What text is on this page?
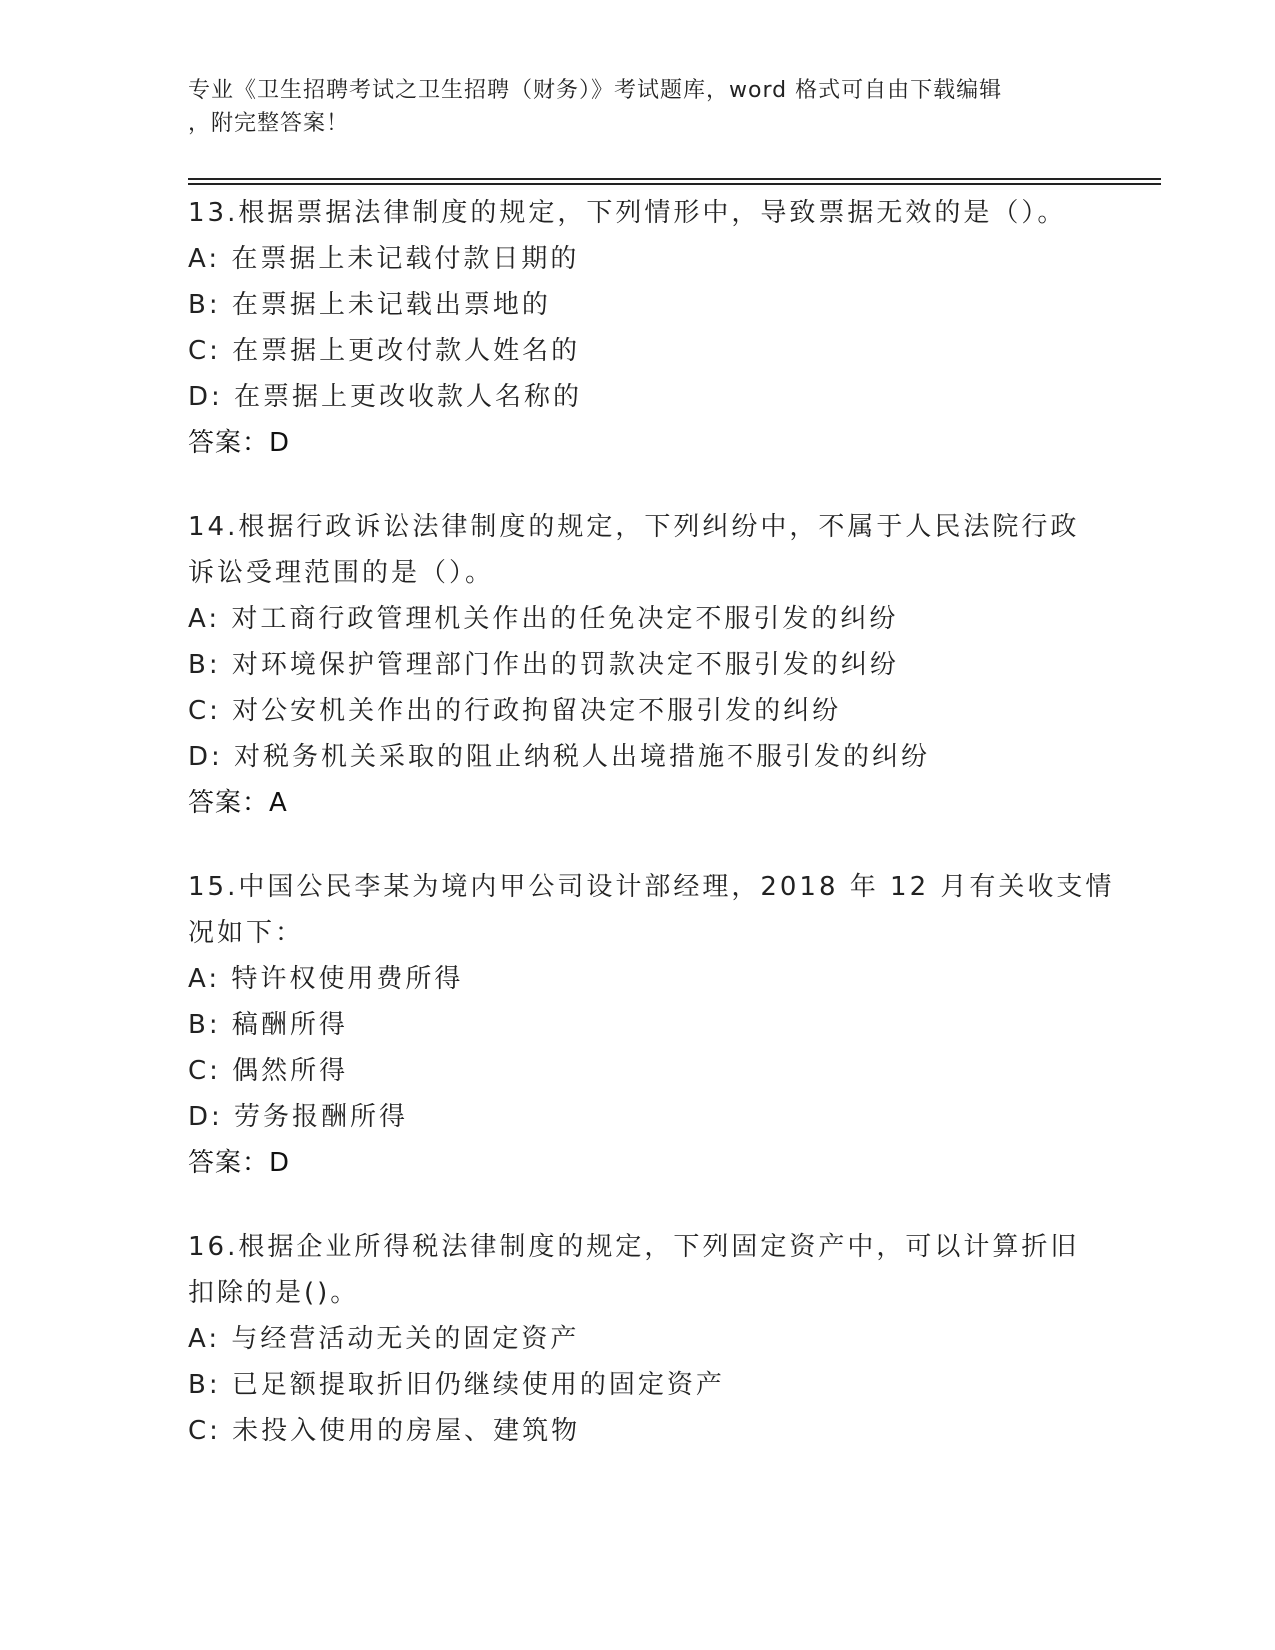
专业《卫生招聘考试之卫生招聘（财务）》考试题库，word 格式可自由下载编辑
，附完整答案！
13.根据票据法律制度的规定，下列情形中，导致票据无效的是（）。
A: 在票据上未记载付款日期的
B: 在票据上未记载出票地的
C: 在票据上更改付款人姓名的
D: 在票据上更改收款人名称的
答案：D
14.根据行政诉讼法律制度的规定，下列纠纷中，不属于人民法院行政
诉讼受理范围的是（）。
A: 对工商行政管理机关作出的任免决定不服引发的纠纷
B: 对环境保护管理部门作出的罚款决定不服引发的纠纷
C: 对公安机关作出的行政拘留决定不服引发的纠纷
D: 对税务机关采取的阻止纳税人出境措施不服引发的纠纷
答案：A
15.中国公民李某为境内甲公司设计部经理，2018 年 12 月有关收支情
况如下：
A: 特许权使用费所得
B: 稿酬所得
C: 偶然所得
D: 劳务报酬所得
答案：D
16.根据企业所得税法律制度的规定，下列固定资产中，可以计算折旧
扣除的是()。
A: 与经营活动无关的固定资产
B: 已足额提取折旧仍继续使用的固定资产
C: 未投入使用的房屋、建筑物
